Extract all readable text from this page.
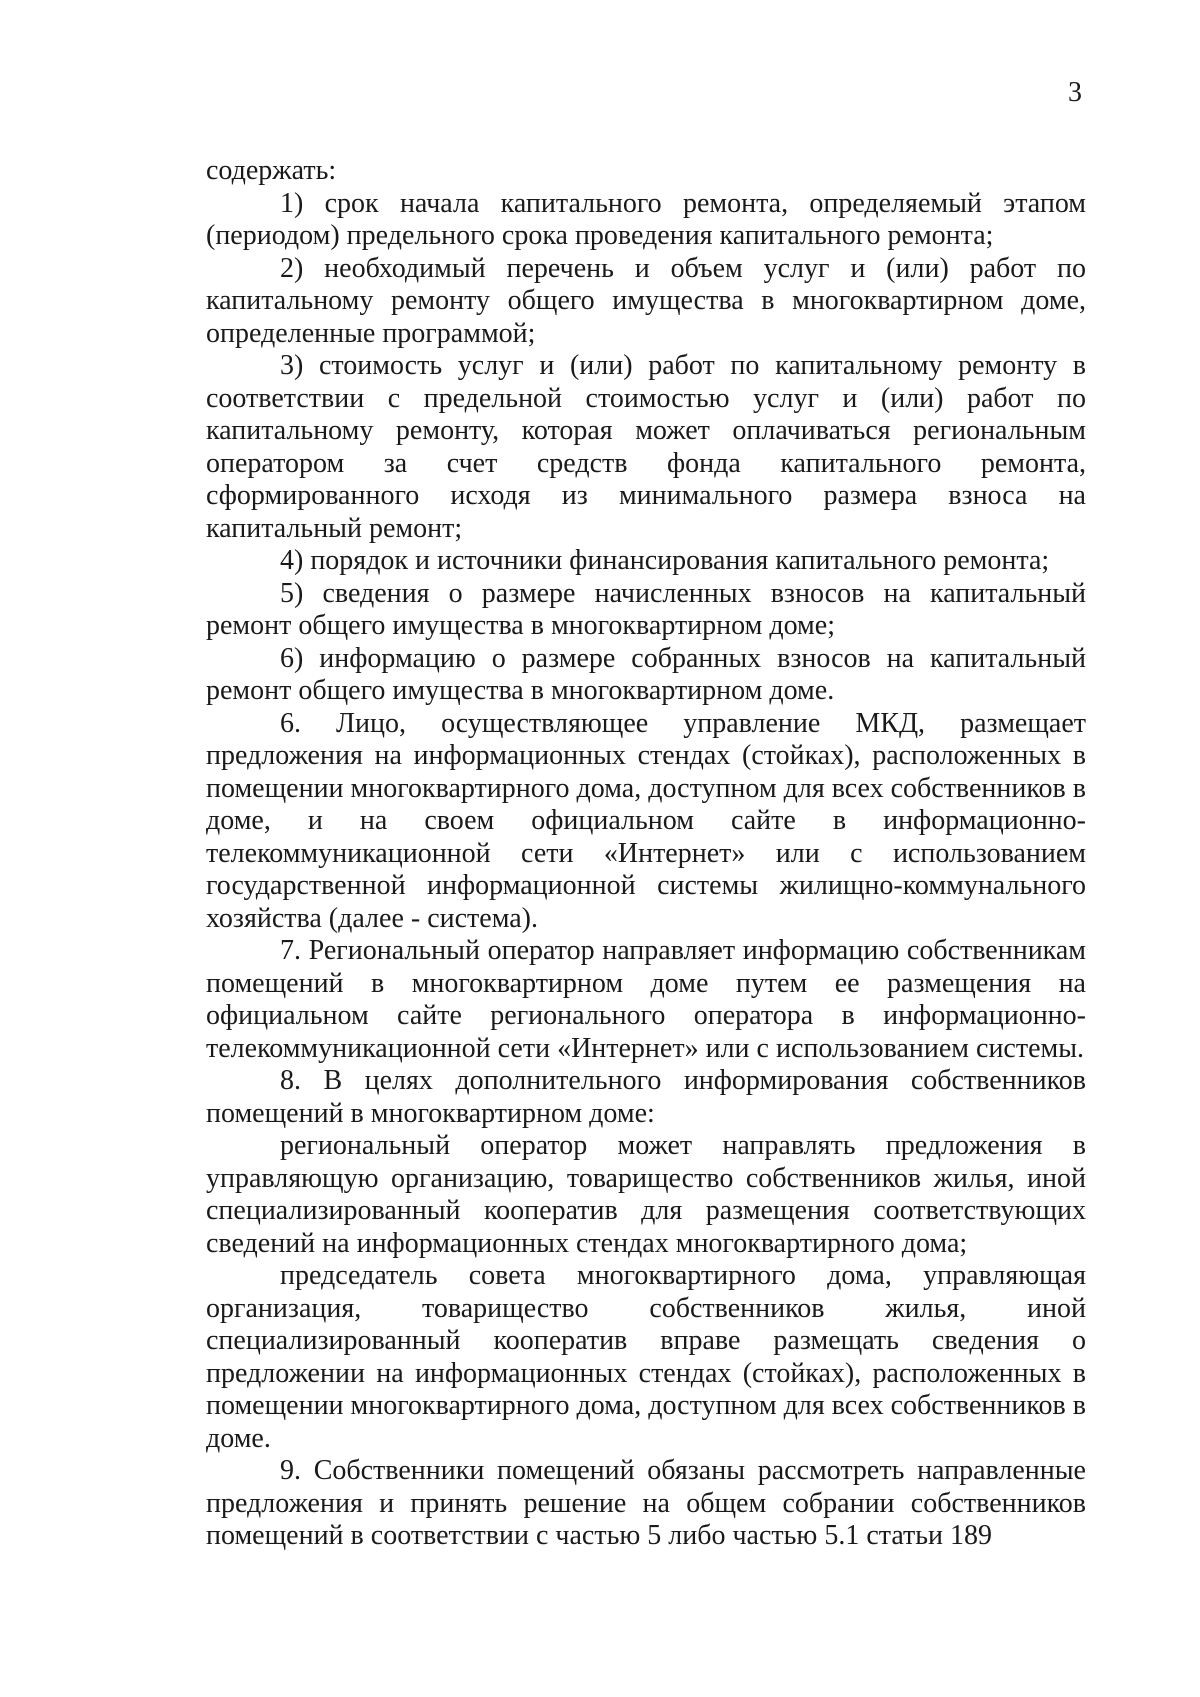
3

содержать:

1) срок начала капитального ремонта, определяемый этапом (периодом) предельного срока проведения капитального ремонта;

2) необходимый перечень и объем услуг и (или) работ по капитальному ремонту общего имущества в многоквартирном доме, определенные программой;

3) стоимость услуг и (или) работ по капитальному ремонту в соответствии с предельной стоимостью услуг и (или) работ по капитальному ремонту, которая может оплачиваться региональным оператором за счет средств фонда капитального ремонта, сформированного исходя из минимального размера взноса на капитальный ремонт;

4) порядок и источники финансирования капитального ремонта;

5) сведения о размере начисленных взносов на капитальный ремонт общего имущества в многоквартирном доме;

6) информацию о размере собранных взносов на капитальный ремонт общего имущества в многоквартирном доме.

6. Лицо, осуществляющее управление МКД, размещает предложения на информационных стендах (стойках), расположенных в помещении многоквартирного дома, доступном для всех собственников в доме, и на своем официальном сайте в информационно-телекоммуникационной сети «Интернет» или с использованием государственной информационной системы жилищно-коммунального хозяйства (далее - система).

7. Региональный оператор направляет информацию собственникам помещений в многоквартирном доме путем ее размещения на официальном сайте регионального оператора в информационно-телекоммуникационной сети «Интернет» или с использованием системы.

8. В целях дополнительного информирования собственников помещений в многоквартирном доме:

региональный оператор может направлять предложения в управляющую организацию, товарищество собственников жилья, иной специализированный кооператив для размещения соответствующих сведений на информационных стендах многоквартирного дома;

председатель совета многоквартирного дома, управляющая организация, товарищество собственников жилья, иной специализированный кооператив вправе размещать сведения о предложении на информационных стендах (стойках), расположенных в помещении многоквартирного дома, доступном для всех собственников в доме.

9. Собственники помещений обязаны рассмотреть направленные предложения и принять решение на общем собрании собственников помещений в соответствии с частью 5 либо частью 5.1 статьи 189
